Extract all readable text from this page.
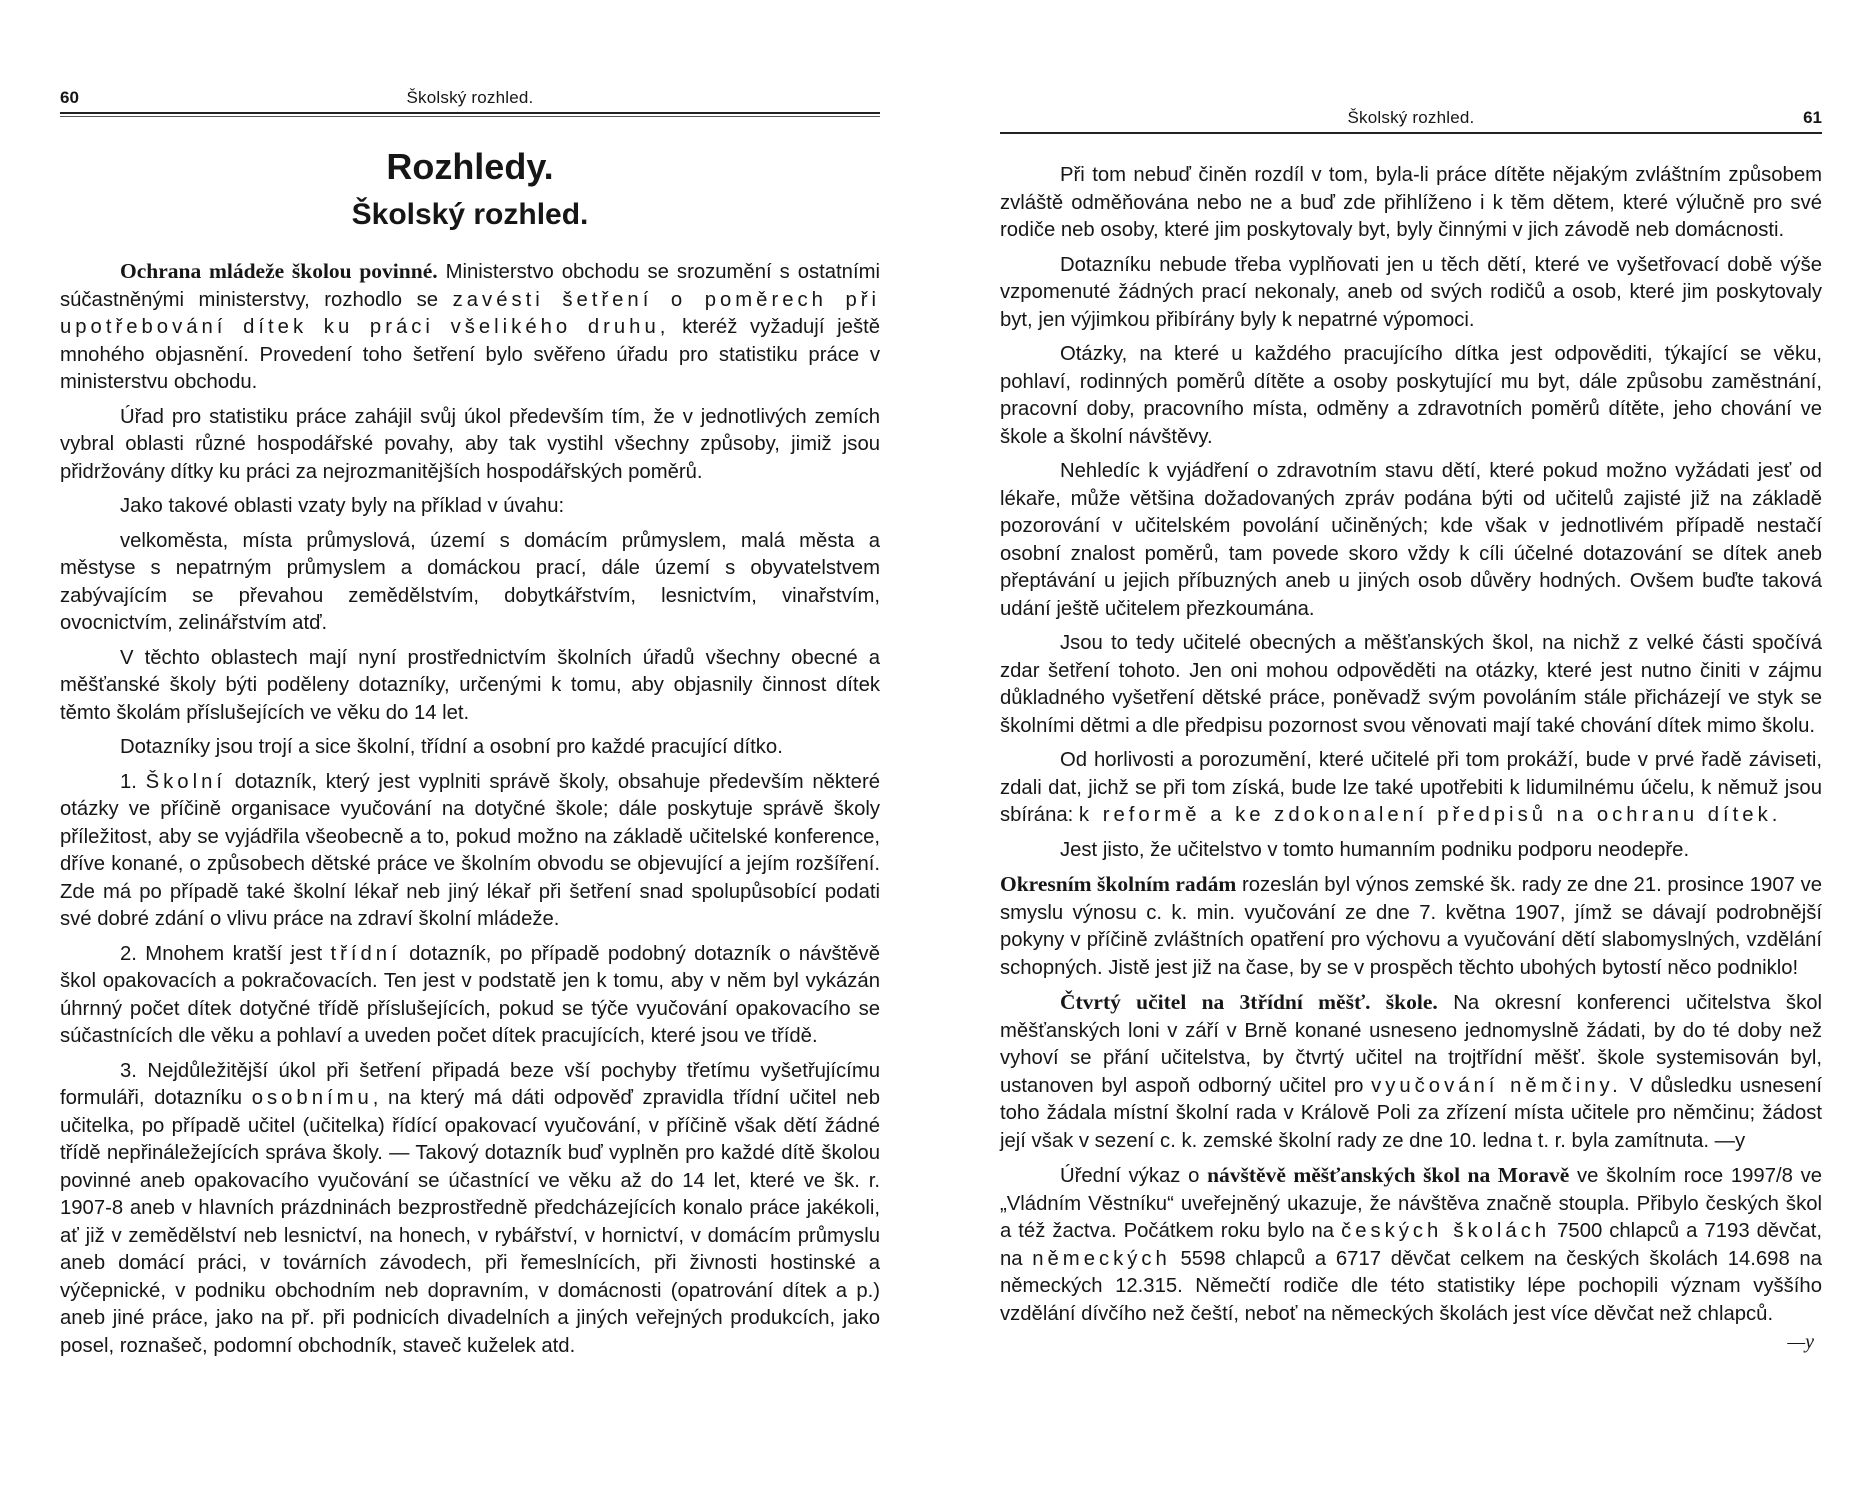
60	Školský rozhled.
Rozhledy.
Školský rozhled.

Ochrana mládeže školou povinné. Ministerstvo obchodu se srozumění s ostatními súčastněnými ministerstvy, rozhodlo se zavésti šetření o poměrech při upotřebování dítek ku práci všelikého druhu, kteréž vyžadují ještě mnohého objasnění. Provedení toho šetření bylo svěřeno úřadu pro statistiku práce v ministerstvu obchodu.

Úřad pro statistiku práce zahájil svůj úkol především tím, že v jednotlivých zemích vybral oblasti různé hospodářské povahy, aby tak vystihl všechny způsoby, jimiž jsou přidržovány dítky ku práci za nejrozmanitějších hospodářských poměrů.

Jako takové oblasti vzaty byly na příklad v úvahu:

velkoměsta, místa průmyslová, území s domácím průmyslem, malá města a městyse s nepatrným průmyslem a domáckou prací, dále území s obyvatelstvem zabývajícím se převahou zemědělstvím, dobytkářstvím, lesnictvím, vinařstvím, ovocnictvím, zelinářstvím atď.

V těchto oblastech mají nyní prostřednictvím školních úřadů všechny obecné a měšťanské školy býti poděleny dotazníky, určenými k tomu, aby objasnily činnost dítek těmto školám příslušejících ve věku do 14 let.

Dotazníky jsou trojí a sice školní, třídní a osobní pro každé pracující dítko.

1. Školní dotazník, který jest vyplniti správě školy, obsahuje především některé otázky ve příčině organisace vyučování na dotyčné škole; dále poskytuje správě školy příležitost, aby se vyjádřila všeobecně a to, pokud možno na základě učitelské konference, dříve konané, o způsobech dětské práce ve školním obvodu se objevující a jejím rozšíření. Zde má po případě také školní lékař neb jiný lékař při šetření snad spolupůsobící podati své dobré zdání o vlivu práce na zdraví školní mládeže.

2. Mnohem kratší jest třídní dotazník, po případě podobný dotazník o návštěvě škol opakovacích a pokračovacích. Ten jest v podstatě jen k tomu, aby v něm byl vykázán úhrnný počet dítek dotyčné třídě příslušejících, pokud se týče vyučování opakovacího se súčastnících dle věku a pohlaví a uveden počet dítek pracujících, které jsou ve třídě.

3. Nejdůležitější úkol při šetření připadá beze vší pochyby třetímu vyšetřujícímu formuláři, dotazníku osobnímu, na který má dáti odpověď zpravidla třídní učitel neb učitelka, po případě učitel (učitelka) řídící opakovací vyučování, v příčině však dětí žádné třídě nepřináležejících správa školy. — Takový dotazník buď vyplněn pro každé dítě školou povinné aneb opakovacího vyučování se účastnící ve věku až do 14 let, které ve šk. r. 1907-8 aneb v hlavních prázdninách bezprostředně předcházejících konalo práce jakékoli, ať již v zemědělství neb lesnictví, na honech, v rybářství, v hornictví, v domácím průmyslu aneb domácí práci, v továrních závodech, při řemeslnících, při živnosti hostinské a výčepnické, v podniku obchodním neb dopravním, v domácnosti (opatrování dítek a p.) aneb jiné práce, jako na př. při podnicích divadelních a jiných veřejných produkcích, jako posel, roznašeč, podomní obchodník, staveč kuželek atd.

Školský rozhled.	61

Při tom nebuď činěn rozdíl v tom, byla-li práce dítěte nějakým zvláštním způsobem zvláště odměňována nebo ne a buď zde přihlíženo i k těm dětem, které výlučně pro své rodiče neb osoby, které jim poskytovaly byt, byly činnými v jich závodě neb domácnosti.

Dotazníku nebude třeba vyplňovati jen u těch dětí, které ve vyšetřovací době výše vzpomenuté žádných prací nekonaly, aneb od svých rodičů a osob, které jim poskytovaly byt, jen výjimkou přibírány byly k nepatrné výpomoci.

Otázky, na které u každého pracujícího dítka jest odpověditi, týkající se věku, pohlaví, rodinných poměrů dítěte a osoby poskytující mu byt, dále způsobu zaměstnání, pracovní doby, pracovního místa, odměny a zdravotních poměrů dítěte, jeho chování ve škole a školní návštěvy.

Nehledíc k vyjádření o zdravotním stavu dětí, které pokud možno vyžádati jesť od lékaře, může většina dožadovaných zpráv podána býti od učitelů zajisté již na základě pozorování v učitelském povolání učiněných; kde však v jednotlivém případě nestačí osobní znalost poměrů, tam povede skoro vždy k cíli účelné dotazování se dítek aneb přeptávání u jejich příbuzných aneb u jiných osob důvěry hodných. Ovšem buďte taková udání ještě učitelem přezkoumána.

Jsou to tedy učitelé obecných a měšťanských škol, na nichž z velké části spočívá zdar šetření tohoto. Jen oni mohou odpověděti na otázky, které jest nutno činiti v zájmu důkladného vyšetření dětské práce, poněvadž svým povoláním stále přicházejí ve styk se školními dětmi a dle předpisu pozornost svou věnovati mají také chování dítek mimo školu.

Od horlivosti a porozumění, které učitelé při tom prokáží, bude v prvé řadě záviseti, zdali dat, jichž se při tom získá, bude lze také upotřebiti k lidumilnému účelu, k němuž jsou sbírána: k reformě a ke zdokonalení předpisů na ochranu dítek.

Jest jisto, že učitelstvo v tomto humanním podniku podporu neodepře.

Okresním školním radám rozeslán byl výnos zemské šk. rady ze dne 21. prosince 1907 ve smyslu výnosu c. k. min. vyučování ze dne 7. května 1907, jímž se dávají podrobnější pokyny v příčině zvláštních opatření pro výchovu a vyučování dětí slabomyslných, vzdělání schopných. Jistě jest již na čase, by se v prospěch těchto ubohých bytostí něco podniklo!

Čtvrtý učitel na 3třídní měšť. škole. Na okresní konferenci učitelstva škol měšťanských loni v září v Brně konané usneseno jednomyslně žádati, by do té doby než vyhoví se přání učitelstva, by čtvrtý učitel na trojtřídní měšť. škole systemisován byl, ustanoven byl aspoň odborný učitel pro vyučování němčiny. V důsledku usnesení toho žádala místní školní rada v Králově Poli za zřízení místa učitele pro němčinu; žádost její však v sezení c. k. zemské školní rady ze dne 10. ledna t. r. byla zamítnuta. —y

Úřední výkaz o návštěvě měšťanských škol na Moravě ve školním roce 1997/8 ve „Vládním Věstníku“ uveřejněný ukazuje, že návštěva značně stoupla. Přibylo českých škol a též žactva. Počátkem roku bylo na českých školách 7500 chlapců a 7193 děvčat, na německých 5598 chlapců a 6717 děvčat celkem na českých školách 14.698 na německých 12.315. Němečtí rodiče dle této statistiky lépe pochopili význam vyššího vzdělání dívčího než čeští, neboť na německých školách jest více děvčat než chlapců.

—y
